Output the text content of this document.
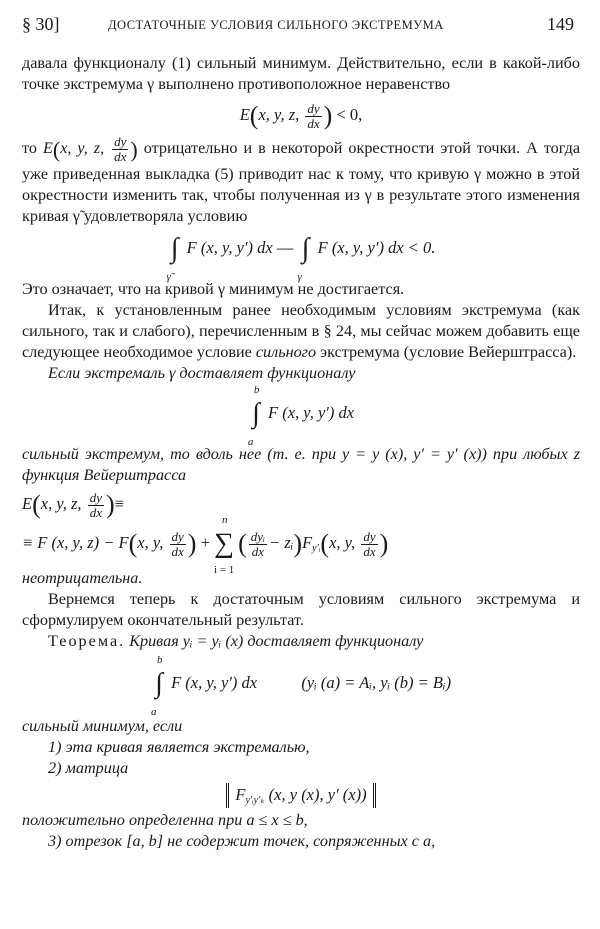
§ 30]	ДОСТАТОЧНЫЕ УСЛОВИЯ СИЛЬНОГО ЭКСТРЕМУМА	149

давала функционалу (1) сильный минимум. Действительно, если в какой-либо точке экстремума γ выполнено противоположное неравенство

E(x, y, z, $\frac{dy}{dx}$ ) < 0,

то E(x, y, z, $\frac{dy}{dx}$ ) отрицательно и в некоторой окрестности этой точки. А тогда уже приведенная выкладка (5) приводит нас к тому, что кривую γ можно в этой окрестности изменить так, чтобы полученная из γ в результате этого изменения кривая γ̃ удовлетворяла условию

∫
γ̃
F (x, y, y′) dx — ∫
γ
F (x, y, y′) dx < 0.

Это означает, что на кривой γ минимум не достигается.

Итак, к установленным ранее необходимым условиям экстремума (как сильного, так и слабого), перечисленным в § 24, мы сейчас можем добавить еще следующее необходимое условие сильного экстремума (условие Вейерштрасса).

Если экстремаль γ доставляет функционалу

∫
b
a
F (x, y, y′) dx

сильный экстремум, то вдоль нее (т. е. при y = y (x), y′ = y′ (x)) при любых z функция Вейерштрасса

E(x, y, z, $\frac{dy}{dx}$ )≡
≡ F (x, y, z) − F(x, y, $\frac{dy}{dx}$ ) + ∑
n
i = 1
( $\frac{\text{dyᵢ}}{dx}$ − $zᵢ)F_{y'ᵢ}(x$, y, $\frac{dy}{dx}$ )

неотрицательна.

Вернемся теперь к достаточным условиям сильного экстремума и сформулируем окончательный результат.

Теорема. Кривая yᵢ = yᵢ (x) доставляет функционалу

∫
b
a
F (x, y, y′) dx	(yᵢ (a) = Aᵢ, yᵢ (b) = Bᵢ)

сильный минимум, если

1) эта кривая является экстремалью,

2) матрица

$F_{y'ᵢy'_k}$ (x, y (x), y′ (x))

положительно определенна при a ≤ x ≤ b,

3) отрезок [a, b] не содержит точек, сопряженных с a,
